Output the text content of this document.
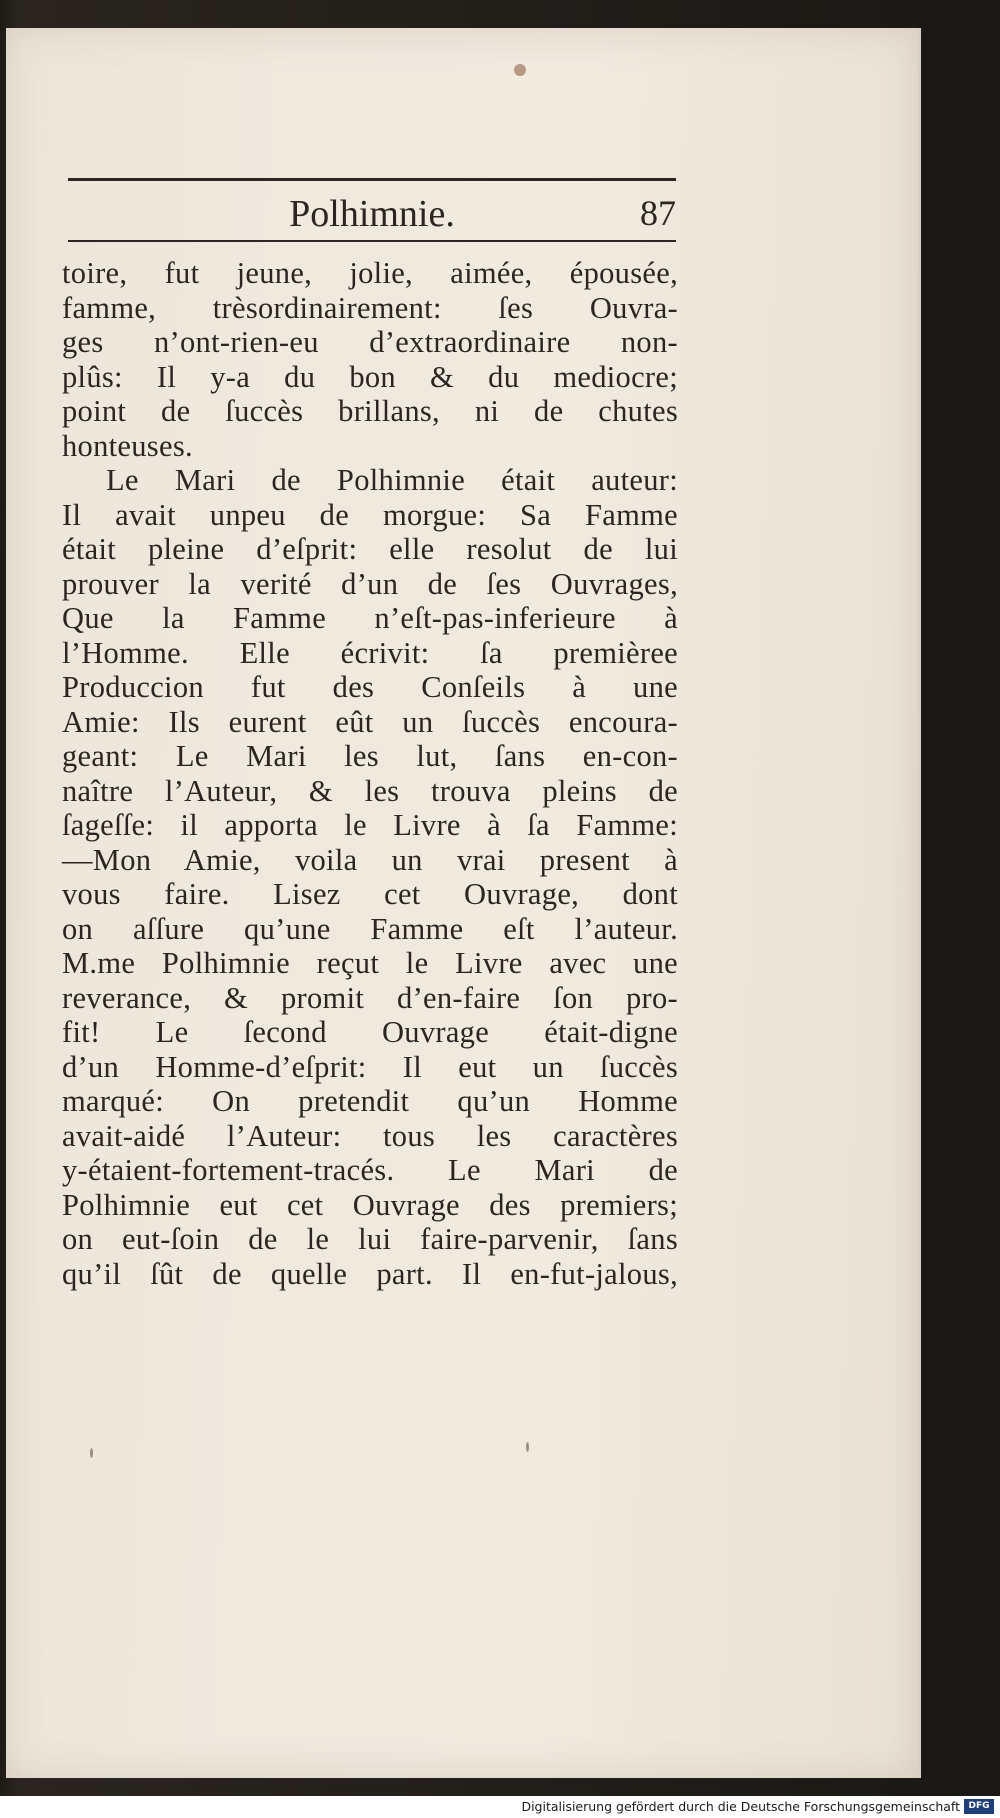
Polhimnie.	87
toire, fut jeune, jolie, aimée, épousée,
famme, trèsordinairement: ſes Ouvra-
ges n’ont-rien-eu d’extraordinaire non-
plûs: Il y-a du bon & du mediocre;
point de ſuccès brillans, ni de chutes
honteuses.
Le Mari de Polhimnie était auteur:
Il avait unpeu de morgue: Sa Famme
était pleine d’eſprit: elle resolut de lui
prouver la verité d’un de ſes Ouvrages,
Que la Famme n’eſt-pas-inferieure à
l’Homme. Elle écrivit: ſa premièree
Produccion fut des Conſeils à une
Amie: Ils eurent eût un ſuccès encoura-
geant: Le Mari les lut, ſans en-con-
naître l’Auteur, & les trouva pleins de
ſageſſe: il apporta le Livre à ſa Famme:
—Mon Amie, voila un vrai present à
vous faire. Lisez cet Ouvrage, dont
on aſſure qu’une Famme eſt l’auteur.
M.me Polhimnie reçut le Livre avec une
reverance, & promit d’en-faire ſon pro-
fit! Le ſecond Ouvrage était-digne
d’un Homme-d’eſprit: Il eut un ſuccès
marqué: On pretendit qu’un Homme
avait-aidé l’Auteur: tous les caractères
y-étaient-fortement-tracés. Le Mari de
Polhimnie eut cet Ouvrage des premiers;
on eut-ſoin de le lui faire-parvenir, ſans
qu’il ſût de quelle part. Il en-fut-jalous,
Digitalisierung gefördert durch die Deutsche Forschungsgemeinschaft DFG
